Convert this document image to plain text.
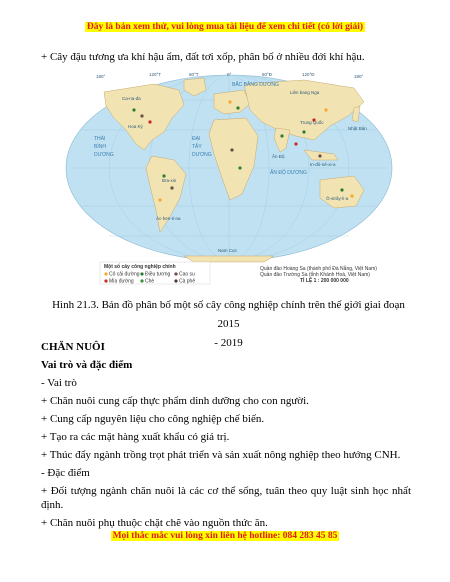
Đây là bản xem thử, vui lòng mua tài liệu để xem chi tiết (có lời giải)
+ Cây đậu tương ưa khí hậu ẩm, đất tơi xốp, phân bố ở nhiều đới khí hậu.
180°	120°T	60°T	0°	60°Đ	120°Đ	180°
BẮC BĂNG DƯƠNG
THÁI
BÌNH
DƯƠNG
ĐẠI
TÂY
DƯƠNG
ẤN ĐỘ DƯƠNG
Ca-na-đa
Hoa Kỳ
Bra-xin
Ác-hen-ti-na
Liên bang Nga
Trung Quốc
Nhật Bản
Ô-xtrây-li-a
Ấn Độ
In-đô-nê-xi-a
Nam Cực
Một số cây công nghiệp chính
Cỏ cải đường Điều tương Cao su
Mía đường Chè	Cà phê
Quần đảo Hoàng Sa (thành phố Đà Nẵng, Việt Nam)
Quần đảo Trường Sa (tỉnh Khánh Hoà, Việt Nam)
TỈ LỆ 1 : 200 000 000
Hình 21.3. Bản đồ phân bố một số cây công nghiệp chính trên thế giới giai đoạn 2015
- 2019
CHĂN NUÔI
Vai trò và đặc điểm
- Vai trò
+ Chăn nuôi cung cấp thực phẩm dinh dưỡng cho con người.
+ Cung cấp nguyên liệu cho công nghiệp chế biến.
+ Tạo ra các mặt hàng xuất khẩu có giá trị.
+ Thúc đẩy ngành trồng trọt phát triển và sản xuất nông nghiệp theo hướng CNH.
- Đặc điểm
+ Đối tượng ngành chăn nuôi là các cơ thể sống, tuân theo quy luật sinh học nhất định.
+ Chăn nuôi phụ thuộc chặt chẽ vào nguồn thức ăn.
Mọi thắc mắc vui lòng xin liên hệ hotline: 084 283 45 85
